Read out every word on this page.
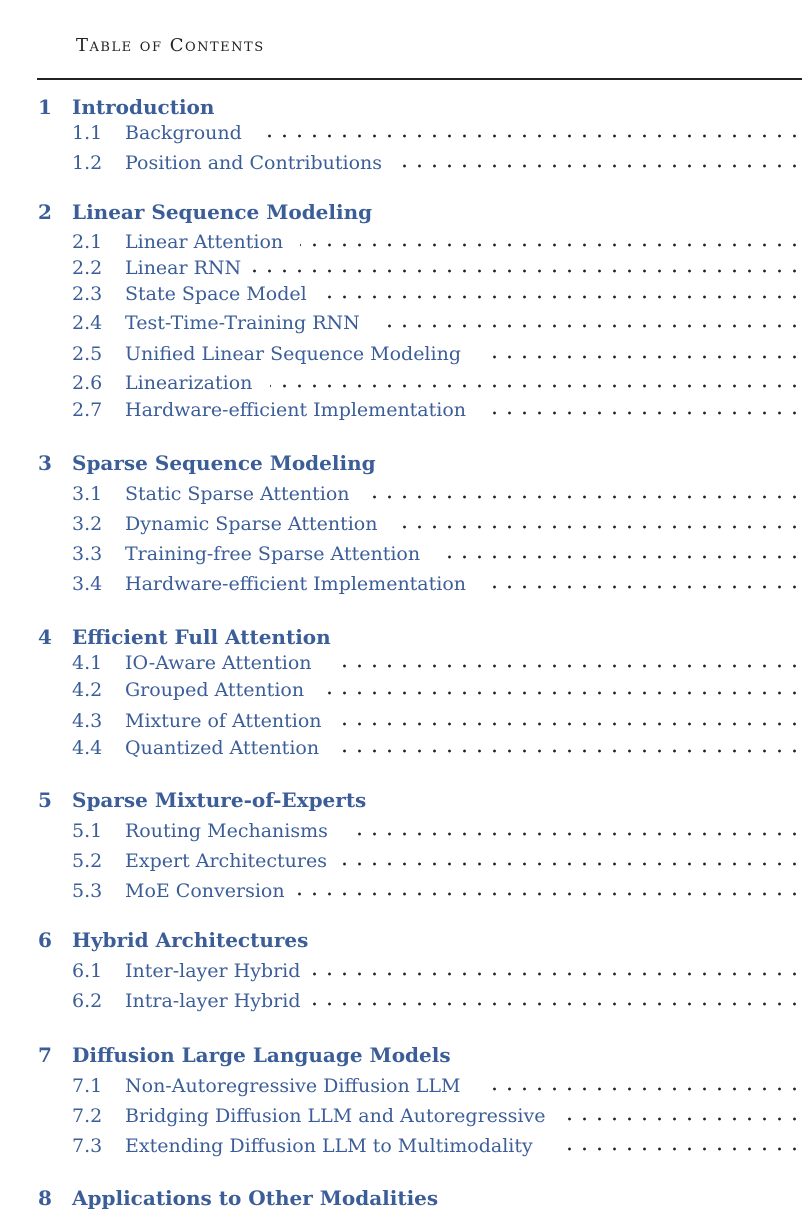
Table of Contents
1 Introduction
1.1 Background
1.2 Position and Contributions
2 Linear Sequence Modeling
2.1 Linear Attention
2.2 Linear RNN
2.3 State Space Model
2.4 Test-Time-Training RNN
2.5 Unified Linear Sequence Modeling
2.6 Linearization
2.7 Hardware-efficient Implementation
3 Sparse Sequence Modeling
3.1 Static Sparse Attention
3.2 Dynamic Sparse Attention
3.3 Training-free Sparse Attention
3.4 Hardware-efficient Implementation
4 Efficient Full Attention
4.1 IO-Aware Attention
4.2 Grouped Attention
4.3 Mixture of Attention
4.4 Quantized Attention
5 Sparse Mixture-of-Experts
5.1 Routing Mechanisms
5.2 Expert Architectures
5.3 MoE Conversion
6 Hybrid Architectures
6.1 Inter-layer Hybrid
6.2 Intra-layer Hybrid
7 Diffusion Large Language Models
7.1 Non-Autoregressive Diffusion LLM
7.2 Bridging Diffusion LLM and Autoregressive
7.3 Extending Diffusion LLM to Multimodality
8 Applications to Other Modalities
